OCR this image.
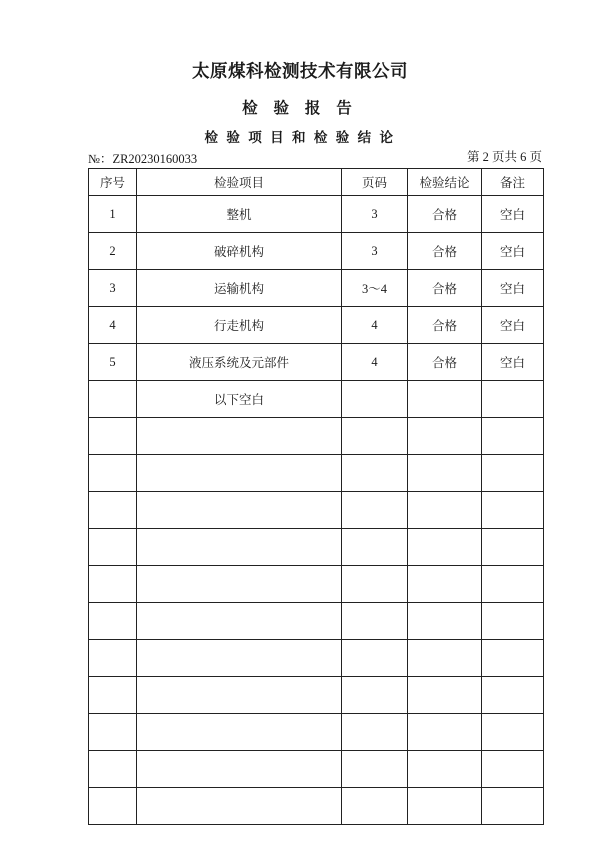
太原煤科检测技术有限公司
检 验 报 告
检 验 项 目 和 检 验 结 论
№：ZR20230160033	第 2 页共 6 页
序号	检验项目	页码	检验结论	备注
1	整机	3	合格	空白
2	破碎机构	3	合格	空白
3	运输机构	3～4	合格	空白
4	行走机构	4	合格	空白
5	液压系统及元部件	4	合格	空白
	以下空白			
